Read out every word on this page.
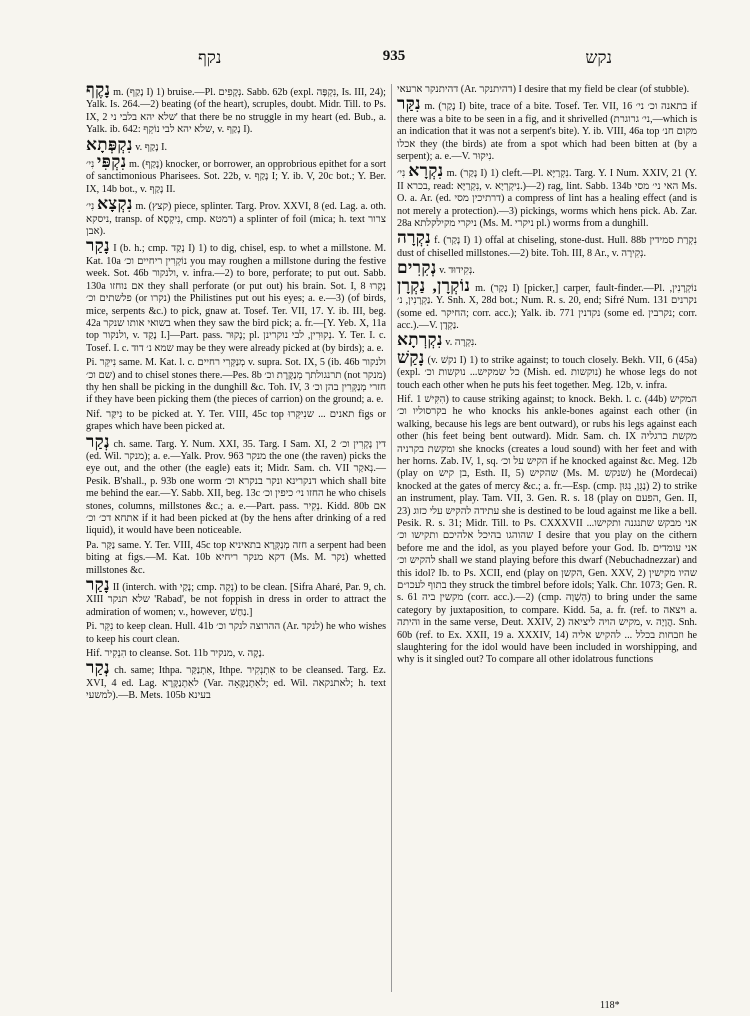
נקף	935	נקש

נָקֶף m. (נָקַף I) 1) bruise.—Pl. נְקָפִים. Sabb. 62b (expl. נִקְפָּה, Is. III, 24); Yalk. Is. 264.—2) beating (of the heart), scruples, doubt. Midr. Till. to Ps. IX, 2 שלא יהא בלבי ני' that there be no struggle in my heart (ed. Bub., a. Yalk. ib. 642: שלא יהא לבי נוֹקֵף, v. נָקַף I).

נִקְפְּתָא v. נָקַף I.

נִקְפִּי נִי׳ m. (נָקַף) knocker, or borrower, an opprobrious epithet for a sort of sanctimonious Pharisees. Sot. 22b, v. נָקַף I; Y. ib. V, 20c bot.; Y. Ber. IX, 14b bot., v. נָקַף II.

נִקְצָא נִי׳ m. (קצץ) piece, splinter. Targ. Prov. XXVI, 8 (ed. Lag. a. oth. ניסקא, transp. of נִיקְסָא, cmp. דמטא) a splinter of foil (mica; h. text צרור אבן).

נָקַר I (b. h.; cmp. נְקַד I) 1) to dig, chisel, esp. to whet a millstone. M. Kat. 10a נוֹקְרִין ריחיים וכ׳ you may roughen a millstone during the festive week. Sot. 46b ולנקור, v. infra.—2) to bore, perforate; to put out. Sabb. 130a אם נוחזו they shall perforate (or put out) his brain. Sot. I, 8 נָקְרוּ פלשתים וכ׳ (or נקרו) the Philistines put out his eyes; a. e.—3) (of birds, mice, serpents &c.) to pick, gnaw at. Tosef. Ter. VII, 17. Y. ib. III, beg. 42a בשואי אותו שנקר when they saw the bird pick; a. fr.—[Y. Yeb. X, 11a top ולנקור, v. נָקַד I.]—Part. pass. נָקוּר; pl. נְקוּרִין, לבי נוקרינן. Y. Ter. I. c. Tosef. I. c. שמא נ׳ דוד may be they were already picked at (by birds); a. e.

Pi. נִיקֵּר same. M. Kat. l. c. מְנַקְּרִי רחיים v. supra. Sot. IX, 5 (ib. 46b ולנקור שם וכ׳) and to chisel stones there.—Pes. 8b תרנגולתך מְנַקֶּרֶת וכ׳ (not מנקר) thy hen shall be picking in the dunghill &c. Toh. IV, 3 חזרי מְנַקְּרִין בהן וכ׳ if they have been picking them (the pieces of carrion) on the ground; a. e.

Nif. נִיקַּר to be picked at. Y. Ter. VIII, 45c top תאנים ... שנִיקְּרוּ figs or grapes which have been picked at.

נְקַר ch. same. Targ. Y. Num. XXI, 35. Targ. I Sam. XI, 2 דין נָקְרִין וכ׳ (ed. Wil. מנקר); a. e.—Yalk. Prov. 963 מנקר the one (the raven) picks the eye out, and the other (the eagle) eats it; Midr. Sam. ch. VII נְאקַר.—Pesik. B'shall., p. 93b one worm דנקרינא ונקר בנקרא וכ׳ which shall bite me behind the ear.—Y. Sabb. XII, beg. 13c החזו ני׳ כיפין וכ׳ he who chisels stones, columns, millstones &c.; a. e.—Part. pass. נְקִיר. Kidd. 80b אם אתחא דכ׳ וכ׳ if it had been picked at (by the hens after drinking of a red liquid), it would have been noticeable.

Pa. נַקַּר same. Y. Ter. VIII, 45c top חזה מְנַקְּרָא בתאיניא a serpent had been biting at figs.—M. Kat. 10b דקא מנקר ריחיא (Ms. M. נקר) whetted millstones &c.

נָקַר II (interch. with נָקַי; cmp. נְקָה) to be clean. [Sifra Aharé, Par. 9, ch. XIII שלא תנקר 'Rabad', be not foppish in dress in order to attract the admiration of women; v., however, נַחַשׁ.]

Pi. נִקֵּר to keep clean. Hull. 41b ההרוצה לנקר וכ׳ (Ar. לנקד) he who wishes to keep his court clean.

Hif. הִנְקִיר to cleanse. Sot. 11b מנקיר, v. נָקָה.

נְקַר ch. same; Ithpa. אִתְנַקַּר, Ithpe. אִתְנְקִיר to be cleansed. Targ. Ez. XVI, 4 ed. Lag. לאִתְנַקָּרָא (Var. לאִתְנַקָּאָה; ed. Wil. לאתנקאה; h. text למשעי).—B. Mets. 105b בעינא

דהיתנקר ארעאי (Ar. דהיתנקר) I desire that my field be clear (of stubble).

נִקַּר m. (נָקַר I) bite, trace of a bite. Tosef. Ter. VII, 16 בתאנה וכ׳ ני׳ if there was a bite to be seen in a fig, and it shrivelled (ני׳ גרוגרת,—which is an indication that it was not a serpent's bite). Y. ib. VIII, 46a top מקום חנ׳ אכלו they (the birds) ate from a spot which had been bitten at (by a serpent); a. e.—V. נִיקוּר.

נִקְרָא נִי׳ m. (נָקַר I) 1) cleft.—Pl. נִקְרַיָּא. Targ. Y. I Num. XXIV, 21 (Y. II בכרא, read: נִקְרַיָּא, v. נִיקְרְיָא.)—2) rag, lint. Sabb. 134b האי ני׳ מסי Ms. O. a. Ar. (ed. דרתיכין מסי) a compress of lint has a healing effect (and is not merely a protection).—3) pickings, worms which hens pick. Ab. Zar. 28a ניקרי מקילקלתא (Ms. M. ניקרי pl.) worms from a dunghill.

נִקְרָה f. (נָקַר I) 1) offal at chiseling, stone-dust. Hull. 88b נִקְרַת סמידין dust of chiselled millstones.—2) bite. Toh. III, 8 Ar., v. נְקִירָה.

נְקִרִים v. נְקִידוּד.

נוֹקְרָן, נַקְרָן m. (נָקַר I) [picker,] carper, fault-finder.—Pl. נוֹקְרָנִין, נַקְרָנִין, נ׳. Y. Snh. X, 28d bot.; Num. R. s. 20, end; Sifré Num. 131 נקרנים (some ed. החיקר; corr. acc.); Yalk. ib. 771 נקדנין (some ed. נקרבין; corr. acc.).—V. נַקְדָן.

נִקְרְתָא v. נִקְרָה.

נָקַשׁ (v. נקשׁ I) 1) to strike against; to touch closely. Bekh. VII, 6 (45a) (expl. כל שמקיש... נוקשות וכ׳ (Mish. ed. נוקשות) he whose legs do not touch each other when he puts his feet together. Meg. 12b, v. infra.

Hif. הִקִּישׁ 1) to cause striking against; to knock. Bekh. l. c. (44b) המקיש בקרסוליו וכ׳ he who knocks his ankle-bones against each other (in walking, because his legs are bent outward), or rubs his legs against each other (his feet being bent outward). Midr. Sam. ch. IX מקשת ברגליה ומקשת בקרניה she knocks (creates a loud sound) with her feet and with her horns. Zab. IV, 1, sq. הקיש על וכ׳ if he knocked against &c. Meg. 12b (play on בן קיש, Esth. II, 5) שהקיש (Ms. M. שנקש) he (Mordecai) knocked at the gates of mercy &c.; a. fr.—Esp. (cmp. נַגֵּן, נִגּוּן) 2) to strike an instrument, play. Tam. VII, 3. Gen. R. s. 18 (play on הפעם, Gen. II, 23) עתידה להקיש עלי כזוג she is destined to be loud against me like a bell. Pesik. R. s. 31; Midr. Till. to Ps. CXXXVII אני מבקש שתנגנה ותקישו... שהוהגו בהיכל אלהיכם ותקישו וכ׳ I desire that you play on the cithern before me and the idol, as you played before your God. Ib. אני עומדים להקיש וכ׳ shall we stand playing before this dwarf (Nebuchadnezzar) and this idol? Ib. to Ps. XCII, end (play on הקשן, Gen. XXV, 2) שהיו מקישין בתוף לעכו״ם they struck the timbrel before idols; Yalk. Chr. 1073; Gen. R. s. 61 מקשין ביה (corr. acc.).—2) (cmp. הִשְׁוָה) to bring under the same category by juxtaposition, to compare. Kidd. 5a, a. fr. (ref. to ויצאה a. והיתה in the same verse, Deut. XXIV, 2) מקיש הויה ליציאה, v. הֲוָיָה. Snh. 60b (ref. to Ex. XXII, 19 a. XXXIV, 14) וזבחות בכלל ... להקיש אליה he slaughtering for the idol would have been included in worshipping, and why is it singled out? To compare all other idolatrous functions

118*
